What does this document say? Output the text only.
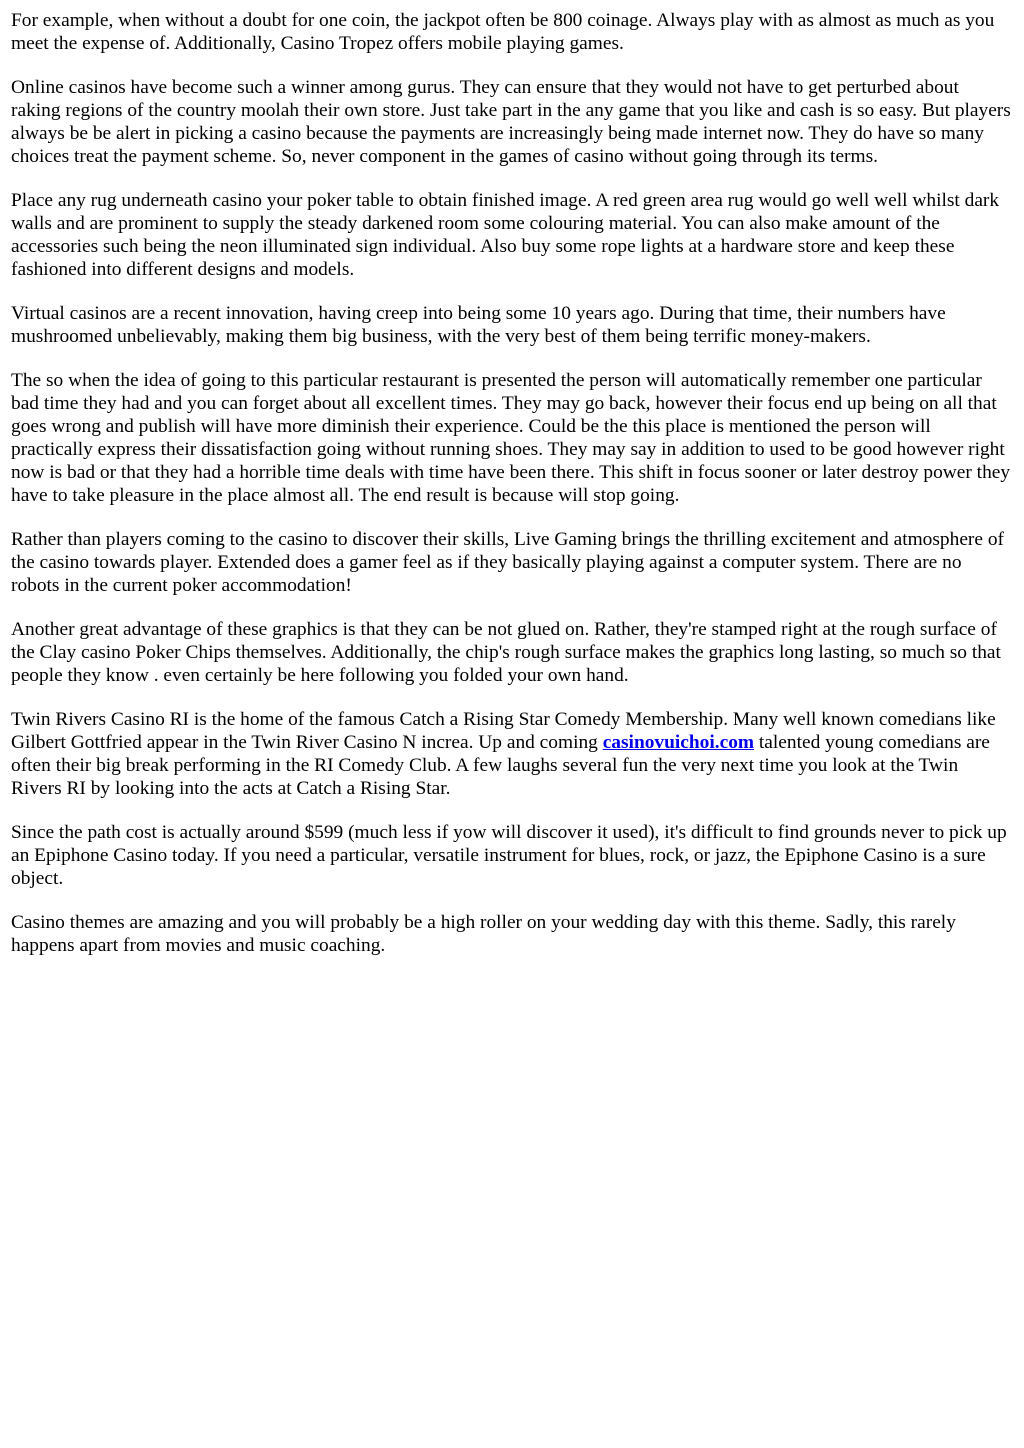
For example, when without a doubt for one coin, the jackpot often be 800 coinage. Always play with as almost as much as you meet the expense of. Additionally, Casino Tropez offers mobile playing games.

Online casinos have become such a winner among gurus. They can ensure that they would not have to get perturbed about raking regions of the country moolah their own store. Just take part in the any game that you like and cash is so easy. But players always be be alert in picking a casino because the payments are increasingly being made internet now. They do have so many choices treat the payment scheme. So, never component in the games of casino without going through its terms.

Place any rug underneath casino your poker table to obtain finished image. A red green area rug would go well well whilst dark walls and are prominent to supply the steady darkened room some colouring material. You can also make amount of the accessories such being the neon illuminated sign individual. Also buy some rope lights at a hardware store and keep these fashioned into different designs and models.

Virtual casinos are a recent innovation, having creep into being some 10 years ago. During that time, their numbers have mushroomed unbelievably, making them big business, with the very best of them being terrific money-makers.

The so when the idea of going to this particular restaurant is presented the person will automatically remember one particular bad time they had and you can forget about all excellent times. They may go back, however their focus end up being on all that goes wrong and publish will have more diminish their experience. Could be the this place is mentioned the person will practically express their dissatisfaction going without running shoes. They may say in addition to used to be good however right now is bad or that they had a horrible time deals with time have been there. This shift in focus sooner or later destroy power they have to take pleasure in the place almost all. The end result is because will stop going.

Rather than players coming to the casino to discover their skills, Live Gaming brings the thrilling excitement and atmosphere of the casino towards player. Extended does a gamer feel as if they basically playing against a computer system. There are no robots in the current poker accommodation!

Another great advantage of these graphics is that they can be not glued on. Rather, they're stamped right at the rough surface of the Clay casino Poker Chips themselves. Additionally, the chip's rough surface makes the graphics long lasting, so much so that people they know . even certainly be here following you folded your own hand.

Twin Rivers Casino RI is the home of the famous Catch a Rising Star Comedy Membership. Many well known comedians like Gilbert Gottfried appear in the Twin River Casino N increa. Up and coming casinovuichoi.com talented young comedians are often their big break performing in the RI Comedy Club. A few laughs several fun the very next time you look at the Twin Rivers RI by looking into the acts at Catch a Rising Star.

Since the path cost is actually around $599 (much less if yow will discover it used), it's difficult to find grounds never to pick up an Epiphone Casino today. If you need a particular, versatile instrument for blues, rock, or jazz, the Epiphone Casino is a sure object.

Casino themes are amazing and you will probably be a high roller on your wedding day with this theme. Sadly, this rarely happens apart from movies and music coaching.
